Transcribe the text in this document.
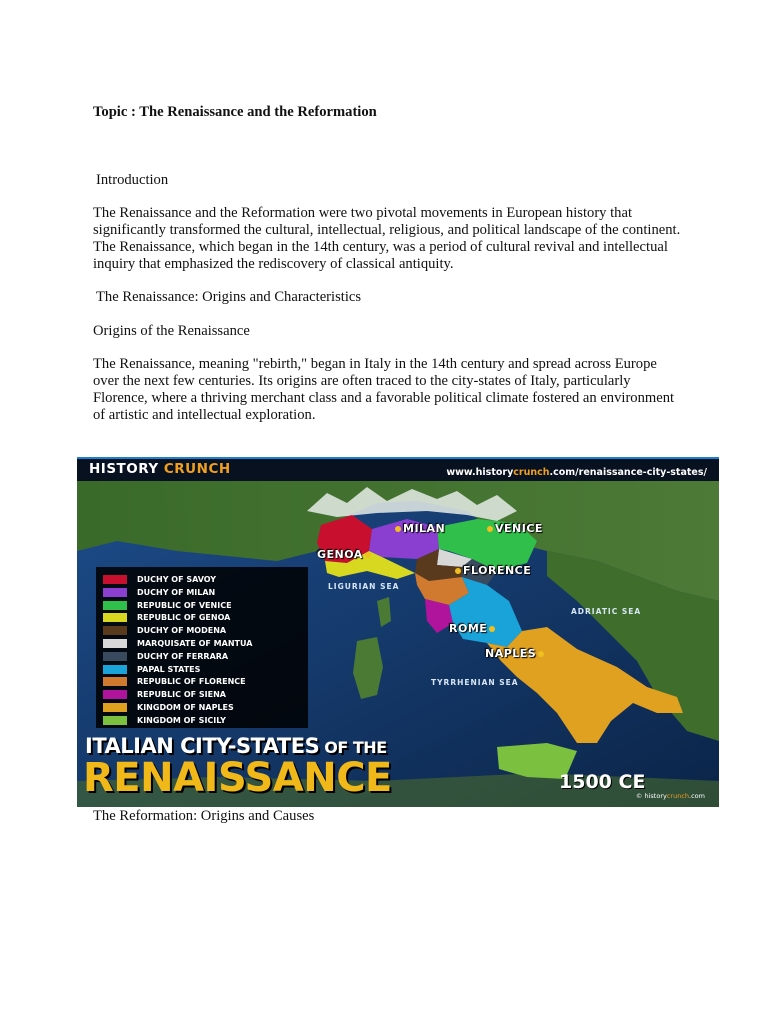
Topic : The Renaissance and the Reformation

Introduction

The Renaissance and the Reformation were two pivotal movements in European history that significantly transformed the cultural, intellectual, religious, and political landscape of the continent. The Renaissance, which began in the 14th century, was a period of cultural revival and intellectual inquiry that emphasized the rediscovery of classical antiquity.

The Renaissance: Origins and Characteristics

Origins of the Renaissance

The Renaissance, meaning "rebirth," began in Italy in the 14th century and spread across Europe over the next few centuries. Its origins are often traced to the city-states of Italy, particularly Florence, where a thriving merchant class and a favorable political climate fostered an environment of artistic and intellectual exploration.

HISTORY CRUNCH	www.historycrunch.com/renaissance-city-states/
MILAN	VENICE
GENOA
FLORENCE
ROME
NAPLES
LIGURIAN SEA
ADRIATIC SEA
TYRRHENIAN SEA
DUCHY OF SAVOY
DUCHY OF MILAN
REPUBLIC OF VENICE
REPUBLIC OF GENOA
DUCHY OF MODENA
MARQUISATE OF MANTUA
DUCHY OF FERRARA
PAPAL STATES
REPUBLIC OF FLORENCE
REPUBLIC OF SIENA
KINGDOM OF NAPLES
KINGDOM OF SICILY
ITALIAN CITY-STATES OF THE
RENAISSANCE	1500 CE
© historycrunch.com

The Reformation: Origins and Causes
